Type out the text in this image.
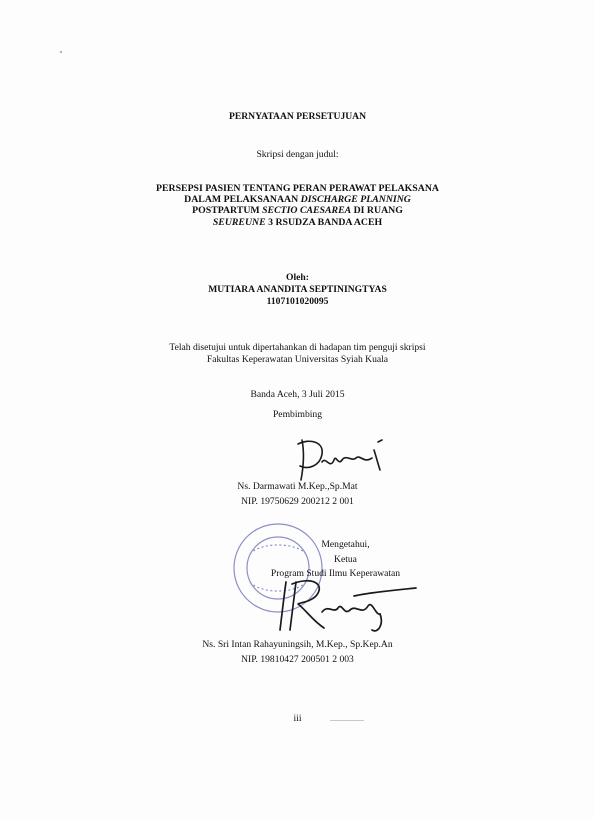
PERNYATAAN PERSETUJUAN
Skripsi dengan judul:
PERSEPSI PASIEN TENTANG PERAN PERAWAT PELAKSANA
DALAM PELAKSANAAN DISCHARGE PLANNING
POSTPARTUM SECTIO CAESAREA DI RUANG
SEUREUNE 3 RSUDZA BANDA ACEH
Oleh:
MUTIARA ANANDITA SEPTININGTYAS
1107101020095
Telah disetujui untuk dipertahankan di hadapan tim penguji skripsi
Fakultas Keperawatan Universitas Syiah Kuala
Banda Aceh, 3 Juli 2015
Pembimbing
Ns. Darmawati M.Kep.,Sp.Mat
NIP. 19750629 200212 2 001
Mengetahui,
Ketua
Program Studi Ilmu Keperawatan
Ns. Sri Intan Rahayuningsih, M.Kep., Sp.Kep.An
NIP. 19810427 200501 2 003
iii
